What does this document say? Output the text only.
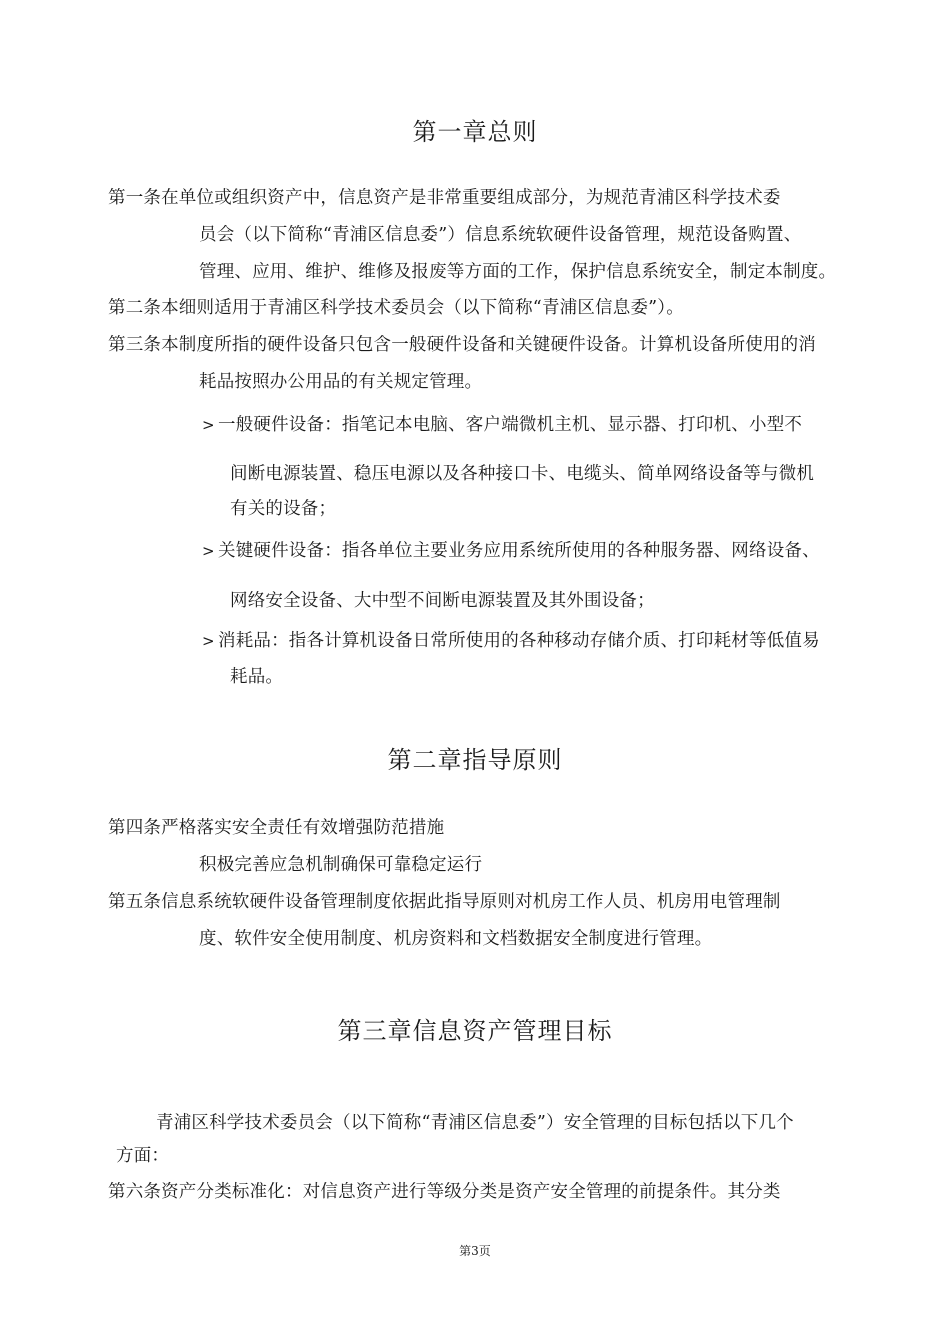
第一章总则
第一条在单位或组织资产中，信息资产是非常重要组成部分，为规范青浦区科学技术委
员会（以下简称“青浦区信息委”）信息系统软硬件设备管理，规范设备购置、
管理、应用、维护、维修及报废等方面的工作，保护信息系统安全，制定本制度。
第二条本细则适用于青浦区科学技术委员会（以下简称“青浦区信息委”）。
第三条本制度所指的硬件设备只包含一般硬件设备和关键硬件设备。计算机设备所使用的消
耗品按照办公用品的有关规定管理。
> 一般硬件设备：指笔记本电脑、客户端微机主机、显示器、打印机、小型不
间断电源装置、稳压电源以及各种接口卡、电缆头、简单网络设备等与微机
有关的设备；
> 关键硬件设备：指各单位主要业务应用系统所使用的各种服务器、网络设备、
网络安全设备、大中型不间断电源装置及其外围设备；
> 消耗品：指各计算机设备日常所使用的各种移动存储介质、打印耗材等低值易
耗品。
第二章指导原则
第四条严格落实安全责任有效增强防范措施
积极完善应急机制确保可靠稳定运行
第五条信息系统软硬件设备管理制度依据此指导原则对机房工作人员、机房用电管理制
度、软件安全使用制度、机房资料和文档数据安全制度进行管理。
第三章信息资产管理目标
青浦区科学技术委员会（以下简称“青浦区信息委”）安全管理的目标包括以下几个
方面：
第六条资产分类标准化：对信息资产进行等级分类是资产安全管理的前提条件。其分类
第3页
